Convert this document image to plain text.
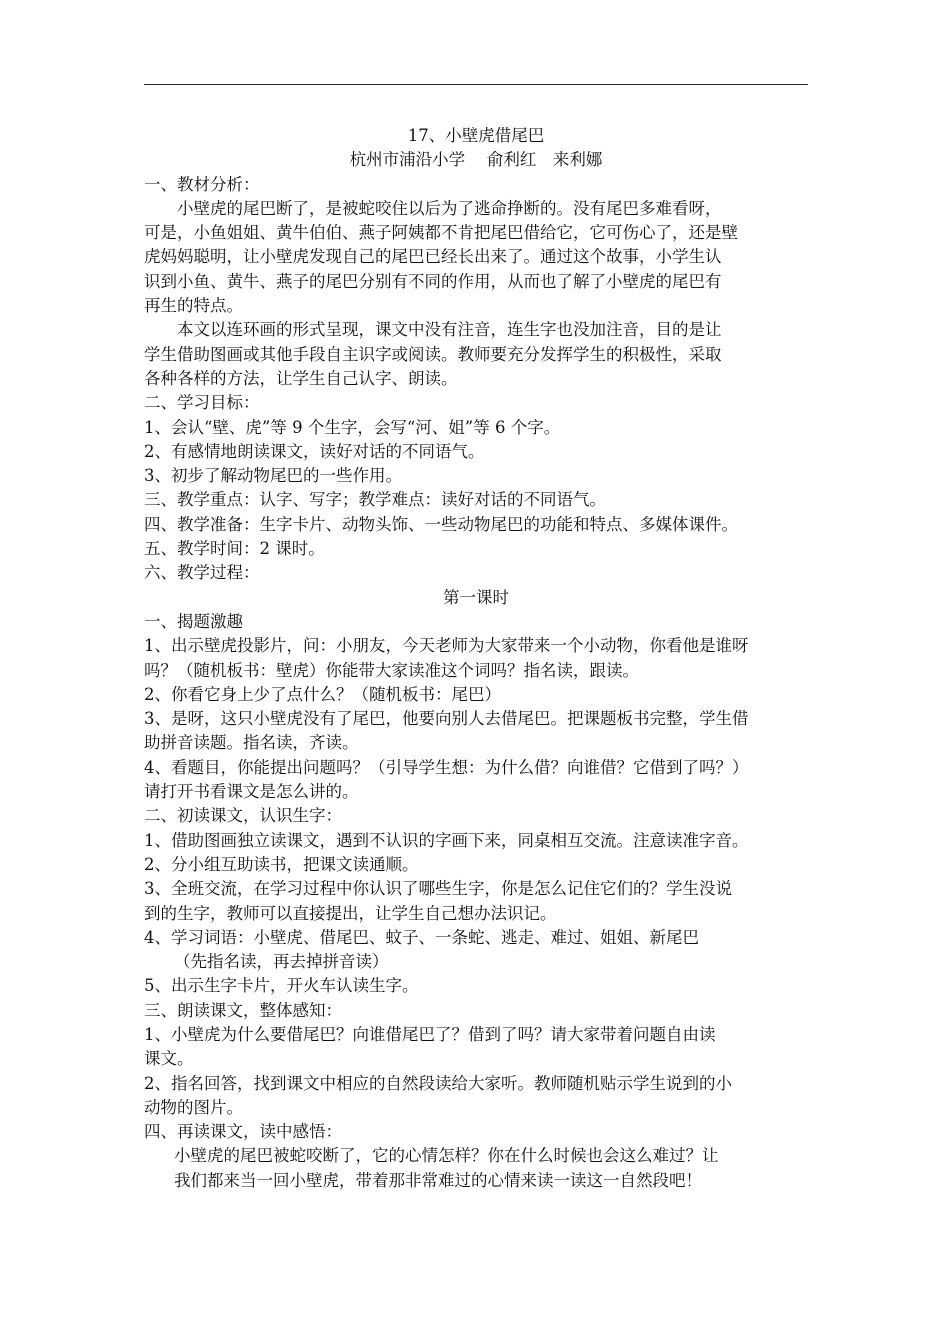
17、小壁虎借尾巴
杭州市浦沿小学　 俞利红　来利娜
一、教材分析：
小壁虎的尾巴断了，是被蛇咬住以后为了逃命挣断的。没有尾巴多难看呀，
可是，小鱼姐姐、黄牛伯伯、燕子阿姨都不肯把尾巴借给它，它可伤心了，还是壁
虎妈妈聪明，让小壁虎发现自己的尾巴已经长出来了。通过这个故事，小学生认
识到小鱼、黄牛、燕子的尾巴分别有不同的作用，从而也了解了小壁虎的尾巴有
再生的特点。
本文以连环画的形式呈现，课文中没有注音，连生字也没加注音，目的是让
学生借助图画或其他手段自主识字或阅读。教师要充分发挥学生的积极性，采取
各种各样的方法，让学生自己认字、朗读。
二、学习目标：
1、会认“壁、虎”等 9 个生字，会写“河、姐”等 6 个字。
2、有感情地朗读课文，读好对话的不同语气。
3、初步了解动物尾巴的一些作用。
三、教学重点：认字、写字；教学难点：读好对话的不同语气。
四、教学准备：生字卡片、动物头饰、一些动物尾巴的功能和特点、多媒体课件。
五、教学时间：2 课时。
六、教学过程：
第一课时
一、揭题激趣
1、出示壁虎投影片，问：小朋友，今天老师为大家带来一个小动物，你看他是谁呀
吗？（随机板书：壁虎）你能带大家读准这个词吗？指名读，跟读。
2、你看它身上少了点什么？（随机板书：尾巴）
3、是呀，这只小壁虎没有了尾巴，他要向别人去借尾巴。把课题板书完整，学生借
助拼音读题。指名读，齐读。
4、看题目，你能提出问题吗？（引导学生想：为什么借？向谁借？它借到了吗？）
请打开书看课文是怎么讲的。
二、初读课文，认识生字：
1、借助图画独立读课文，遇到不认识的字画下来，同桌相互交流。注意读准字音。
2、分小组互助读书，把课文读通顺。
3、全班交流，在学习过程中你认识了哪些生字，你是怎么记住它们的？学生没说
到的生字，教师可以直接提出，让学生自己想办法识记。
4、学习词语：小壁虎、借尾巴、蚊子、一条蛇、逃走、难过、姐姐、新尾巴
（先指名读，再去掉拼音读）
5、出示生字卡片，开火车认读生字。
三、朗读课文，整体感知：
1、小壁虎为什么要借尾巴？向谁借尾巴了？借到了吗？请大家带着问题自由读
课文。
2、指名回答，找到课文中相应的自然段读给大家听。教师随机贴示学生说到的小
动物的图片。
四、再读课文，读中感悟：
小壁虎的尾巴被蛇咬断了，它的心情怎样？你在什么时候也会这么难过？让
我们都来当一回小壁虎，带着那非常难过的心情来读一读这一自然段吧！
